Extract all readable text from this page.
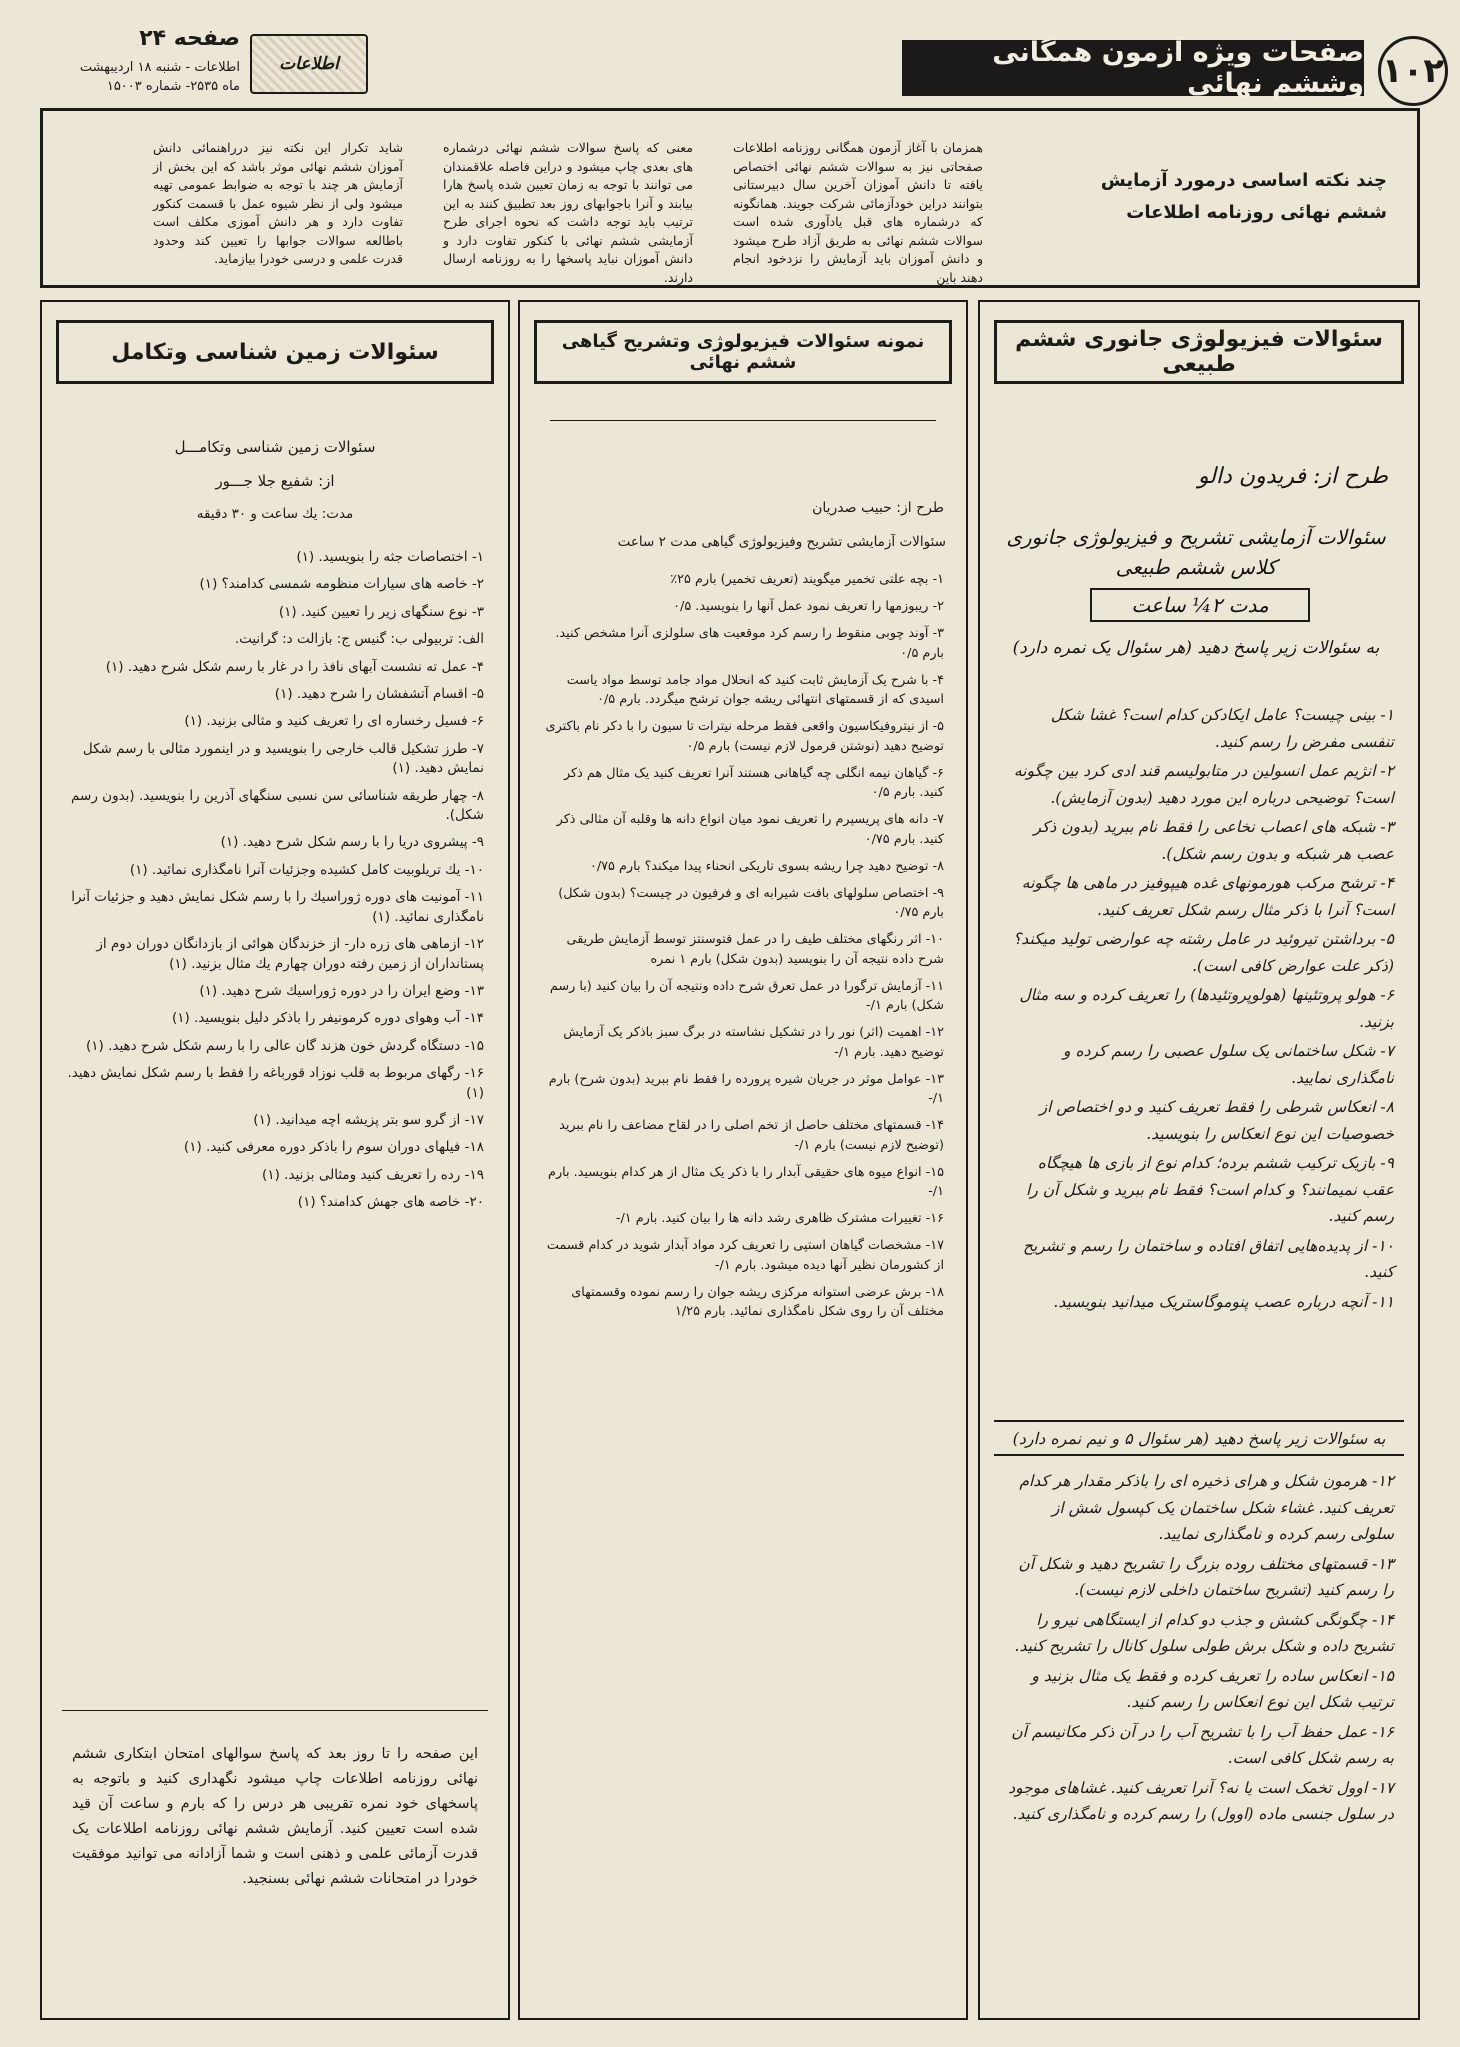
۱۰۲
صفحات ویژه آزمون همگانی وششم نهائی
اطلاعات
صفحه ۲۴
اطلاعات - شنبه ۱۸ اردیبهشت
ماه ۲۵۳۵- شماره ۱۵۰۰۳
چند نکته اساسی درمورد آزمایش ششم نهائی روزنامه اطلاعات
همزمان با آغاز آزمون همگانی روزنامه اطلاعات صفحاتی نیز به سوالات ششم نهائی اختصاص یافته تا دانش آموزان آخرین سال دبیرستانی بتوانند دراین خودآزمائی شرکت جویند. همانگونه که درشماره های قبل یادآوری شده است سوالات ششم نهائی به طریق آزاد طرح میشود و دانش آموزان باید آزمایش را نزدخود انجام دهند باین
معنی که پاسخ سوالات ششم نهائی درشماره های بعدی چاپ میشود و دراین فاصله علاقمندان می توانند با توجه به زمان تعیین شده پاسخ هارا بیابند و آنرا باجوابهای روز بعد تطبیق کنند به این ترتیب باید توجه داشت که نحوه اجرای طرح آزمایشی ششم نهائی با کنکور تفاوت دارد و دانش آموزان نباید پاسخها را به روزنامه ارسال دارند.
شاید تکرار این نکته نیز درراهنمائی دانش آموزان ششم نهائی موثر باشد که این بخش از آزمایش هر چند با توجه به ضوابط عمومی تهیه میشود ولی از نظر شیوه عمل با قسمت کنکور تفاوت دارد و هر دانش آموزی مکلف است باطالعه سوالات جوابها را تعیین کند وحدود قدرت علمی و درسی خودرا بیازماید.
سئوالات فیزیولوژی جانوری ششم طبیعی
طرح از: فریدون دالو
سئوالات آزمایشی تشریح و فیزیولوژی جانوری کلاس ششم طبیعی
مدت ۲¼ ساعت
به سئوالات زیر پاسخ دهید (هر سئوال یک نمره دارد)
۱- بینی چیست؟ عامل ایکادکن کدام است؟ غشا شکل تنفسی مفرض را رسم کنید.
۲- انژیم عمل انسولین در متابولیسم قند ادی کرد بین چگونه است؟ توضیحی درباره این مورد دهید (بدون آزمایش).
۳- شبکه های اعصاب نخاعی را فقط نام ببرید (بدون ذکر عصب هر شبکه و بدون رسم شکل).
۴- ترشح مرکب هورمونهای غده هیپوفیز در ماهی ها چگونه است؟ آنرا با ذکر مثال رسم شکل تعریف کنید.
۵- برداشتن تیروئید در عامل رشته چه عوارضی تولید میکند؟ (ذکر علت عوارض کافی است).
۶- هولو پروتئینها (هولوپروتئیدها) را تعریف کرده و سه مثال بزنید.
۷- شکل ساختمانی یک سلول عصبی را رسم کرده و نامگذاری نمایید.
۸- انعکاس شرطی را فقط تعریف کنید و دو اختصاص از خصوصیات این نوع انعکاس را بنویسید.
۹- بازیک ترکیب ششم برده؛ کدام نوع از بازی ها هیچگاه عقب نمیمانند؟ و کدام است؟ فقط نام ببرید و شکل آن را رسم کنید.
۱۰- از پدیده‌هایی اتفاق افتاده و ساختمان را رسم و تشریح کنید.
۱۱- آنچه درباره عصب پنوموگاستریک میدانید بنویسید.
به سئوالات زیر پاسخ دهید (هر سئوال ۵ و نیم نمره دارد)
۱۲- هرمون شکل و هرای ذخیره ای را باذکر مقدار هر کدام تعریف کنید. غشاء شکل ساختمان یک کپسول شش از سلولی رسم کرده و نامگذاری نمایید.
۱۳- قسمتهای مختلف روده بزرگ را تشریح دهید و شکل آن را رسم کنید (تشریح ساختمان داخلی لازم نیست).
۱۴- چگونگی کشش و جذب دو کدام از ایستگاهی نیرو را تشریح داده و شکل برش طولی سلول کانال را تشریح کنید.
۱۵- انعکاس ساده را تعریف کرده و فقط یک مثال بزنید و ترتیب شکل این نوع انعکاس را رسم کنید.
۱۶- عمل حفظ آب را با تشریح آب را در آن ذکر مکانیسم آن به رسم شکل کافی است.
۱۷- اوول تخمک است یا نه؟ آنرا تعریف کنید. غشاهای موجود در سلول جنسی ماده (اوول) را رسم کرده و نامگذاری کنید.
نمونه سئوالات فیزیولوژی وتشریح گیاهی ششم نهائی
طرح از: حبیب صدریان
سئوالات آزمایشی تشریح وفیزیولوژی گیاهی مدت ۲ ساعت
۱- بچه علتی تخمیر میگویند (تعریف تخمیر) بارم ۲۵٪
۲- ریبوزمها را تعریف نمود عمل آنها را بنویسید. ۰/۵
۳- آوند چوبی منقوط را رسم کرد موقعیت های سلولزی آنرا مشخص کنید. بارم ۰/۵
۴- با شرح یک آزمایش ثابت کنید که انحلال مواد جامد توسط مواد یاست اسیدی که از قسمتهای انتهائی ریشه جوان ترشح میگردد. بارم ۰/۵
۵- از نیتروفیکاسیون واقعی فقط مرحله نیترات تا سیون را با دکر نام باکتری توضیح دهید (نوشتن فرمول لازم نیست) بارم ۰/۵
۶- گیاهان نیمه انگلی چه گیاهانی هستند آنرا تعریف کنید یک مثال هم ذکر کنید. بارم ۰/۵
۷- دانه های پریسپرم را تعریف نمود میان انواع دانه ها وقلبه آن مثالی ذکر کنید. بارم ۰/۷۵
۸- توضیح دهید چرا ریشه بسوی تاریکی انحناء پیدا میکند؟ بارم ۰/۷۵
۹- اختصاص سلولهای بافت شیرابه ای و فرفیون در چیست؟ (بدون شکل) بارم ۰/۷۵
۱۰- اثر رنگهای مختلف طیف را در عمل فتوسنتز توسط آزمایش طریقی شرح داده نتیجه آن را بنویسید (بدون شکل) بارم ۱ نمره
۱۱- آزمایش ترگورا در عمل تعرق شرح داده ونتیجه آن را بیان کنید (با رسم شکل) بارم ۱/-
۱۲- اهمیت (اثر) نور را در تشکیل نشاسته در برگ سبز باذکر یک آزمایش توضیح دهید. بارم ۱/-
۱۳- عوامل موثر در جریان شیره پرورده را فقط نام ببرید (بدون شرح) بارم ۱/-
۱۴- قسمتهای مختلف حاصل از تخم اصلی را در لقاح مضاعف را نام ببرید (توضیح لازم نیست) بارم ۱/-
۱۵- انواع میوه های حقیقی آبدار را با ذکر یک مثال از هر کدام بنویسید. بارم ۱/-
۱۶- تغییرات مشترک ظاهری رشد دانه ها را بیان کنید. بارم ۱/-
۱۷- مشخصات گیاهان استپی را تعریف کرد مواد آبدار شوید در کدام قسمت از کشورمان نظیر آنها دیده میشود. بارم ۱/-
۱۸- برش عرضی استوانه مرکزی ریشه جوان را رسم نموده وقسمتهای مختلف آن را روی شکل نامگذاری نمائید. بارم ۱/۲۵
سئوالات زمین شناسی وتکامل
سئوالات زمین شناسی وتکامـــل
از: شفیع جلا جـــور
مدت: یك ساعت و ۳۰ دقیقه
۱- اختصاصات جثه را بنویسید. (۱)
۲- خاصه های سیارات منظومه شمسی کدامند؟ (۱)
۳- نوع سنگهای زیر را تعیین کنید. (۱)
الف: تربیولی ب: گنیس ج: بازالت د: گرانیت.
۴- عمل ته نشست آبهای نافذ را در غار با رسم شکل شرح دهید. (۱)
۵- اقسام آتشفشان را شرح دهید. (۱)
۶- فسیل رخساره ای را تعریف کنید و مثالی بزنید. (۱)
۷- طرز تشکیل قالب خارجی را بنویسید و در اینمورد مثالی با رسم شکل نمایش دهید. (۱)
۸- چهار طریقه شناسائی سن نسبی سنگهای آذرین را بنویسید. (بدون رسم شکل).
۹- پیشروی دریا را با رسم شکل شرح دهید. (۱)
۱۰- یك تریلوبیت کامل کشیده وجزئیات آنرا نامگذاری نمائید. (۱)
۱۱- آمونیت های دوره ژوراسیك را با رسم شکل نمایش دهید و جزئیات آنرا نامگذاری نمائید. (۱)
۱۲- ازماهی های زره دار- از خزندگان هوائی از بازدانگان دوران دوم از پستانداران از زمین رفته دوران چهارم یك مثال بزنید. (۱)
۱۳- وضع ایران را در دوره ژوراسیك شرح دهید. (۱)
۱۴- آب وهوای دوره کرمونیفر را باذکر دلیل بنویسید. (۱)
۱۵- دستگاه گردش خون هزند گان عالی را با رسم شکل شرح دهید. (۱)
۱۶- رگهای مربوط به قلب نوزاد قورباغه را فقط با رسم شکل نمایش دهید. (۱)
۱۷- از گرو سو بتر پزیشه اچه میدانید. (۱)
۱۸- فیلهای دوران سوم را باذکر دوره معرفی کنید. (۱)
۱۹- رده را تعریف کنید ومثالی بزنید. (۱)
۲۰- خاصه های جهش کدامند؟ (۱)
این صفحه را تا روز بعد که پاسخ سوالهای امتحان ابتکاری ششم نهائی روزنامه اطلاعات چاپ میشود نگهداری کنید و باتوجه به پاسخهای خود نمره تقریبی هر درس را که بارم و ساعت آن قید شده است تعیین کنید. آزمایش ششم نهائی روزنامه اطلاعات یک قدرت آزمائی علمی و ذهنی است و شما آزادانه می توانید موفقیت خودرا در امتحانات ششم نهائی بسنجید.
